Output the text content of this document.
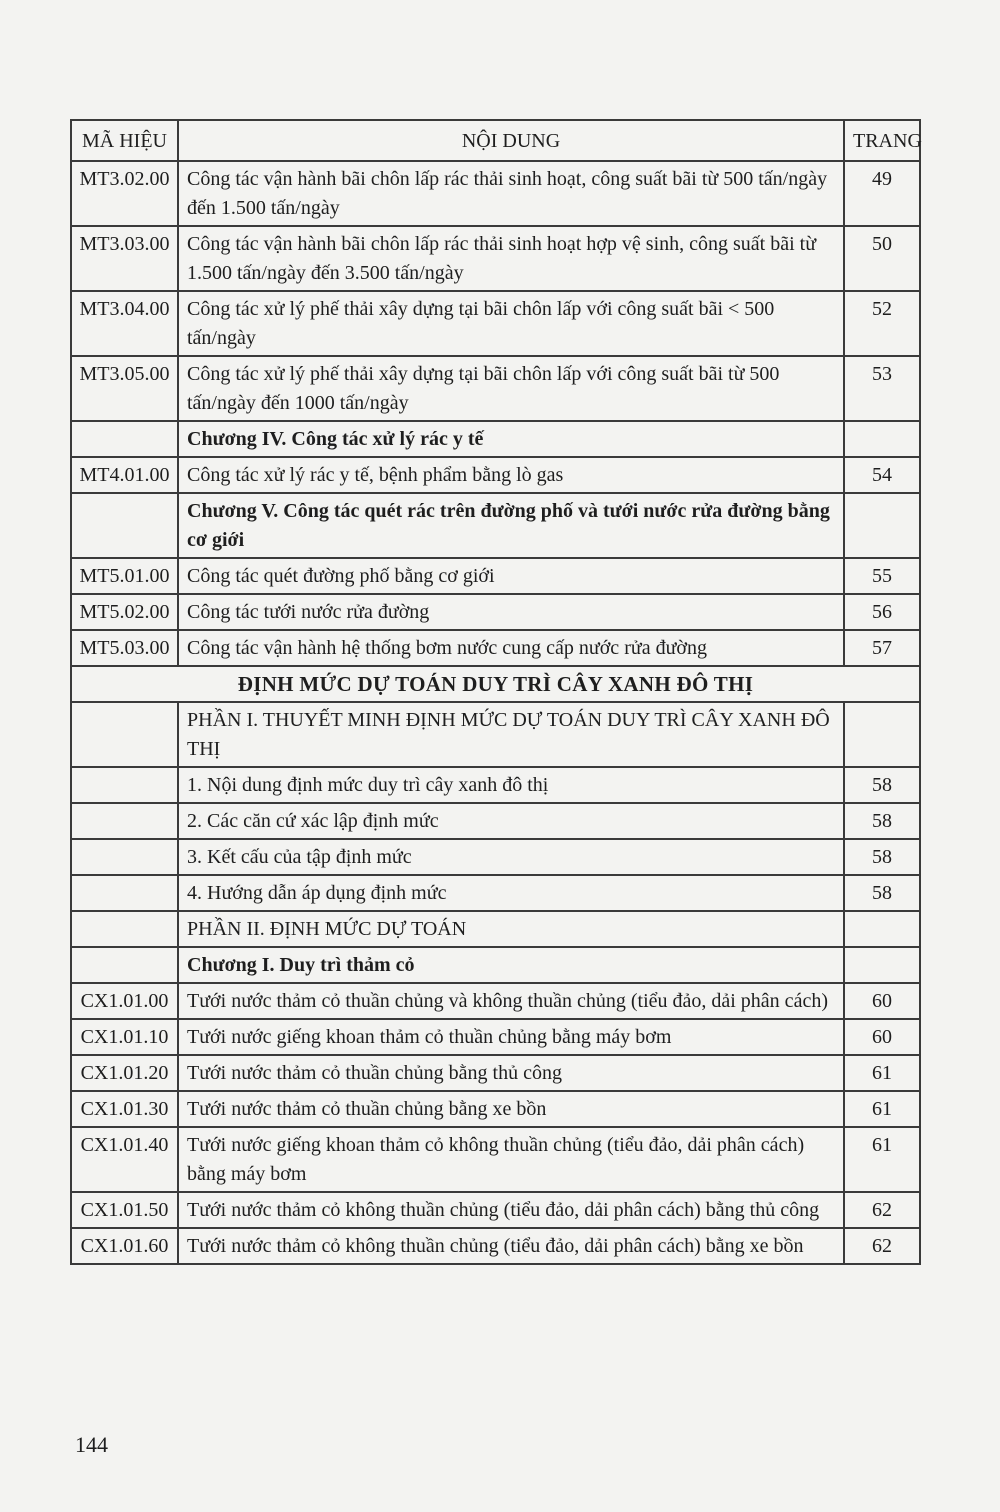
MÃ HIỆU	NỘI DUNG	TRANG
MT3.02.00	Công tác vận hành bãi chôn lấp rác thải sinh hoạt, công suất bãi từ 500 tấn/ngày đến 1.500 tấn/ngày	49
MT3.03.00	Công tác vận hành bãi chôn lấp rác thải sinh hoạt hợp vệ sinh, công suất bãi từ 1.500 tấn/ngày đến 3.500 tấn/ngày	50
MT3.04.00	Công tác xử lý phế thải xây dựng tại bãi chôn lấp với công suất bãi < 500 tấn/ngày	52
MT3.05.00	Công tác xử lý phế thải xây dựng tại bãi chôn lấp với công suất bãi từ 500 tấn/ngày đến 1000 tấn/ngày	53
	Chương IV. Công tác xử lý rác y tế	
MT4.01.00	Công tác xử lý rác y tế, bệnh phẩm bằng lò gas	54
	Chương V. Công tác quét rác trên đường phố và tưới nước rửa đường bằng cơ giới	
MT5.01.00	Công tác quét đường phố bằng cơ giới	55
MT5.02.00	Công tác tưới nước rửa đường	56
MT5.03.00	Công tác vận hành hệ thống bơm nước cung cấp nước rửa đường	57
ĐỊNH MỨC DỰ TOÁN DUY TRÌ CÂY XANH ĐÔ THỊ		
	PHẦN I. THUYẾT MINH ĐỊNH MỨC DỰ TOÁN DUY TRÌ CÂY XANH ĐÔ THỊ	
	1. Nội dung định mức duy trì cây xanh đô thị	58
	2. Các căn cứ xác lập định mức	58
	3. Kết cấu của tập định mức	58
	4. Hướng dẫn áp dụng định mức	58
	PHẦN II. ĐỊNH MỨC DỰ TOÁN	
	Chương I. Duy trì thảm cỏ	
CX1.01.00	Tưới nước thảm cỏ thuần chủng và không thuần chủng (tiểu đảo, dải phân cách)	60
CX1.01.10	Tưới nước giếng khoan thảm cỏ thuần chủng bằng máy bơm	60
CX1.01.20	Tưới nước thảm cỏ thuần chủng bằng thủ công	61
CX1.01.30	Tưới nước thảm cỏ thuần chủng bằng xe bồn	61
CX1.01.40	Tưới nước giếng khoan thảm cỏ không thuần chủng (tiểu đảo, dải phân cách) bằng máy bơm	61
CX1.01.50	Tưới nước thảm cỏ không thuần chủng (tiểu đảo, dải phân cách) bằng thủ công	62
CX1.01.60	Tưới nước thảm cỏ không thuần chủng (tiểu đảo, dải phân cách) bằng xe bồn	62
144
